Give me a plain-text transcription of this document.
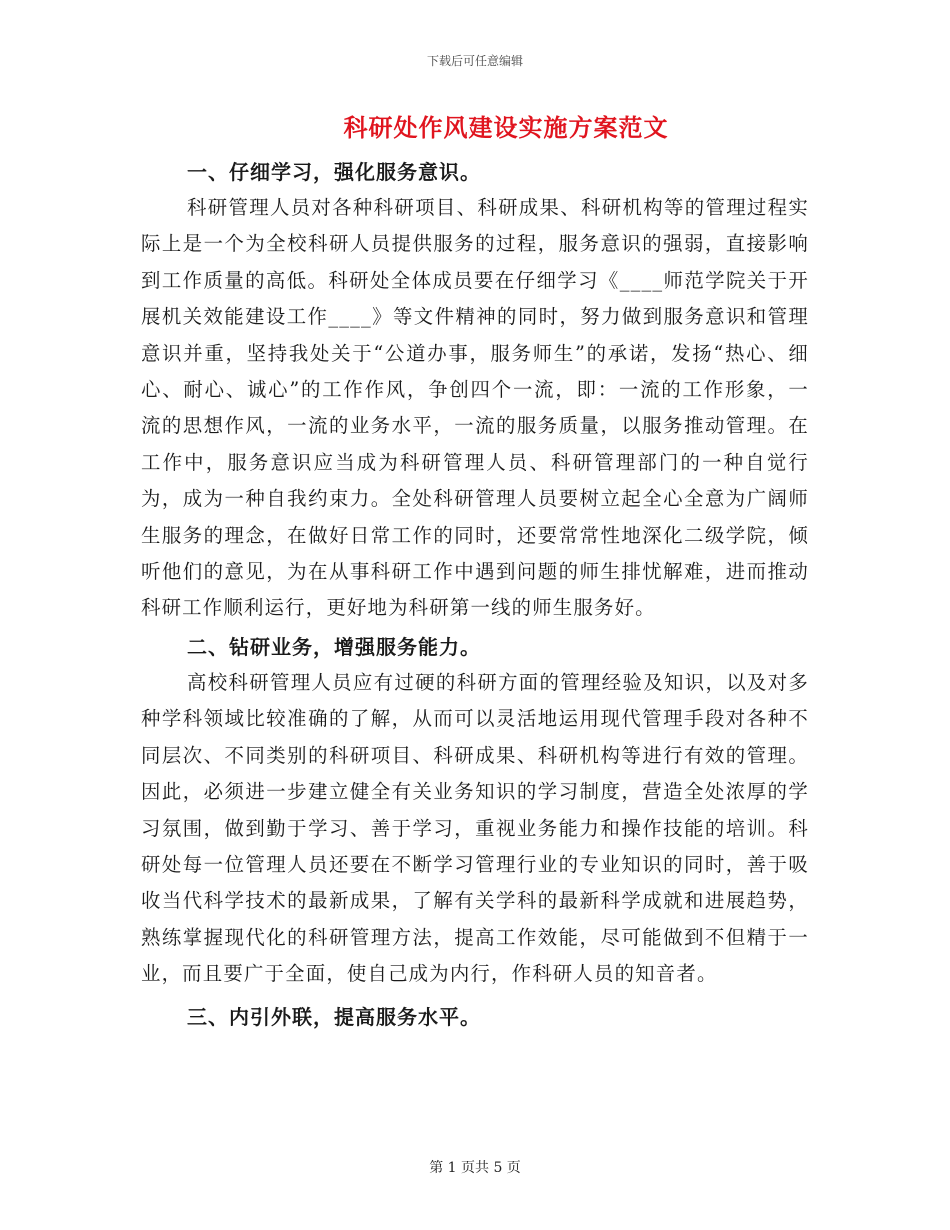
下载后可任意编辑
科研处作风建设实施方案范文

一、仔细学习，强化服务意识。

科研管理人员对各种科研项目、科研成果、科研机构等的管理过程实际上是一个为全校科研人员提供服务的过程，服务意识的强弱，直接影响到工作质量的高低。科研处全体成员要在仔细学习《____师范学院关于开展机关效能建设工作____》等文件精神的同时，努力做到服务意识和管理意识并重，坚持我处关于“公道办事，服务师生”的承诺，发扬“热心、细心、耐心、诚心”的工作作风，争创四个一流，即：一流的工作形象，一流的思想作风，一流的业务水平，一流的服务质量，以服务推动管理。在工作中，服务意识应当成为科研管理人员、科研管理部门的一种自觉行为，成为一种自我约束力。全处科研管理人员要树立起全心全意为广阔师生服务的理念，在做好日常工作的同时，还要常常性地深化二级学院，倾听他们的意见，为在从事科研工作中遇到问题的师生排忧解难，进而推动科研工作顺利运行，更好地为科研第一线的师生服务好。

二、钻研业务，增强服务能力。

高校科研管理人员应有过硬的科研方面的管理经验及知识，以及对多种学科领域比较准确的了解，从而可以灵活地运用现代管理手段对各种不同层次、不同类别的科研项目、科研成果、科研机构等进行有效的管理。因此，必须进一步建立健全有关业务知识的学习制度，营造全处浓厚的学习氛围，做到勤于学习、善于学习，重视业务能力和操作技能的培训。科研处每一位管理人员还要在不断学习管理行业的专业知识的同时，善于吸收当代科学技术的最新成果，了解有关学科的最新科学成就和进展趋势，熟练掌握现代化的科研管理方法，提高工作效能，尽可能做到不但精于一业，而且要广于全面，使自己成为内行，作科研人员的知音者。

三、内引外联，提高服务水平。

第 1 页共 5 页
